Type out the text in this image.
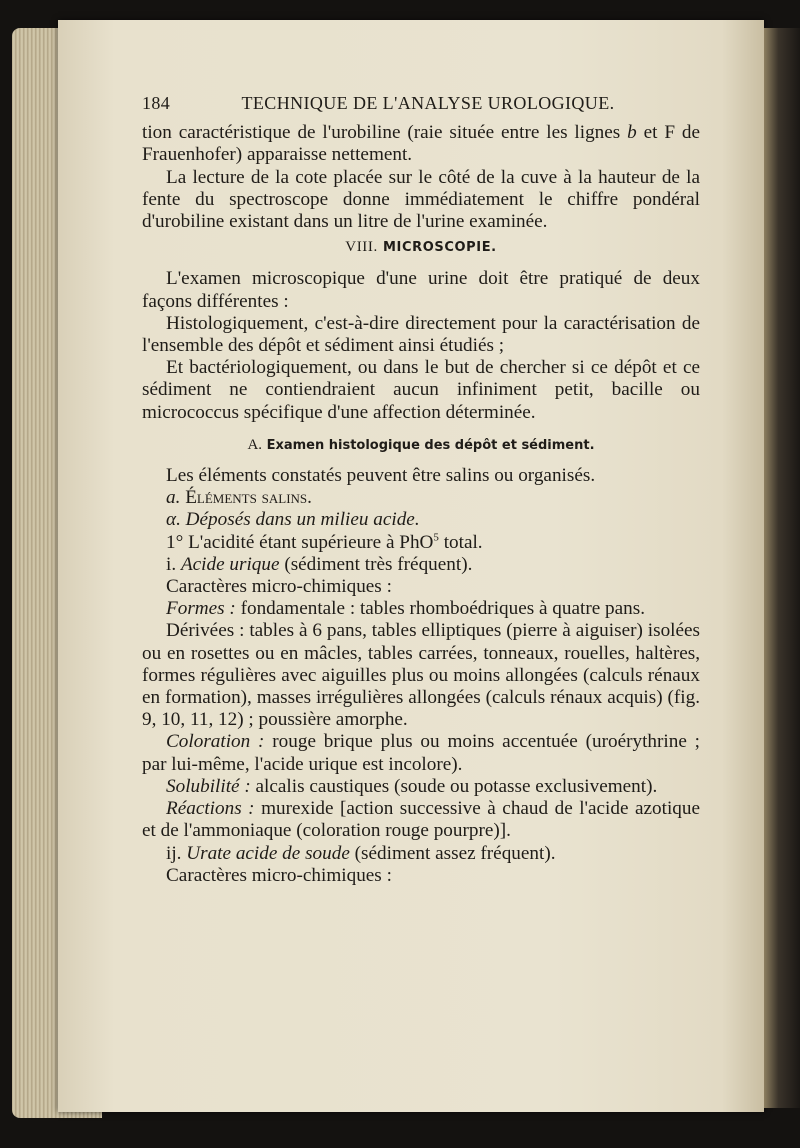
184	TECHNIQUE DE L'ANALYSE UROLOGIQUE.

tion caractéristique de l'urobiline (raie située entre les lignes b et F de Frauenhofer) apparaisse nettement.

La lecture de la cote placée sur le côté de la cuve à la hauteur de la fente du spectroscope donne immédiatement le chiffre pondéral d'urobiline existant dans un litre de l'urine examinée.

VIII. MICROSCOPIE.

L'examen microscopique d'une urine doit être pratiqué de deux façons différentes :

Histologiquement, c'est-à-dire directement pour la caractérisation de l'ensemble des dépôt et sédiment ainsi étudiés ;

Et bactériologiquement, ou dans le but de chercher si ce dépôt et ce sédiment ne contiendraient aucun infiniment petit, bacille ou micrococcus spécifique d'une affection déterminée.

A. Examen histologique des dépôt et sédiment.

Les éléments constatés peuvent être salins ou organisés.

a. Éléments salins.

α. Déposés dans un milieu acide.

1° L'acidité étant supérieure à PhO$^5$ total.

i. Acide urique (sédiment très fréquent).

Caractères micro-chimiques :

Formes : fondamentale : tables rhomboédriques à quatre pans.

Dérivées : tables à 6 pans, tables elliptiques (pierre à aiguiser) isolées ou en rosettes ou en mâcles, tables carrées, tonneaux, rouelles, haltères, formes régulières avec aiguilles plus ou moins allongées (calculs rénaux en formation), masses irrégulières allongées (calculs rénaux acquis) (fig. 9, 10, 11, 12) ; poussière amorphe.

Coloration : rouge brique plus ou moins accentuée (uroérythrine ; par lui-même, l'acide urique est incolore).

Solubilité : alcalis caustiques (soude ou potasse exclusivement).

Réactions : murexide [action successive à chaud de l'acide azotique et de l'ammoniaque (coloration rouge pourpre)].

ij. Urate acide de soude (sédiment assez fréquent).

Caractères micro-chimiques :
